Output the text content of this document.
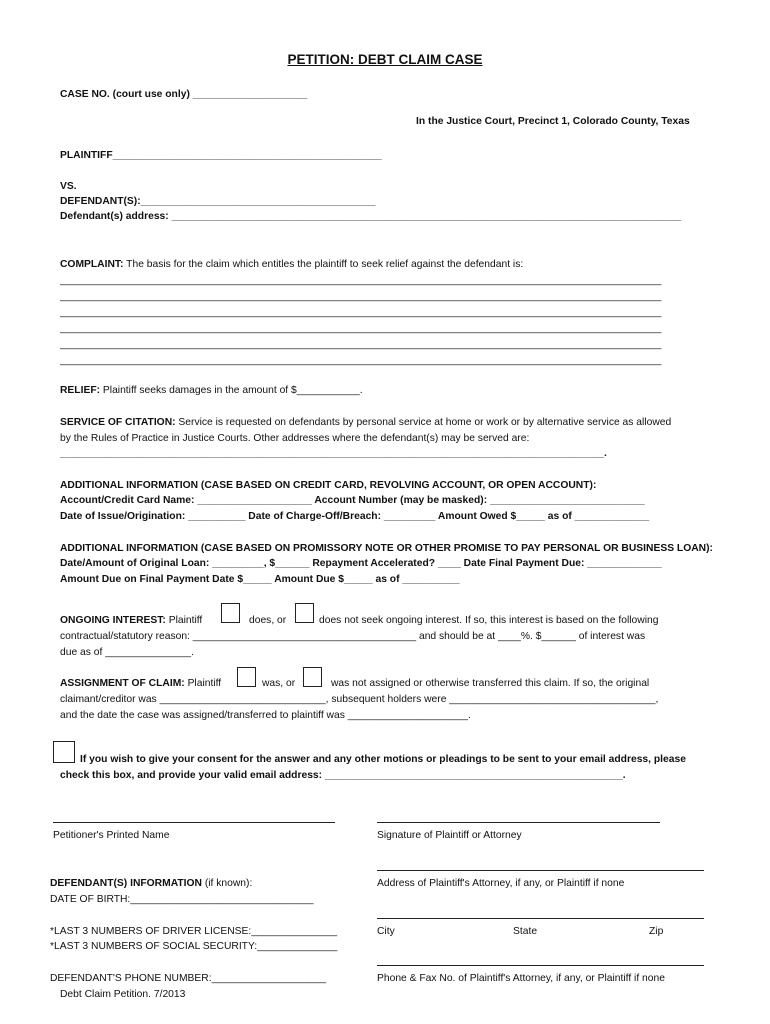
PETITION: DEBT CLAIM CASE
CASE NO. (court use only) ____________________
In the Justice Court, Precinct 1, Colorado County, Texas
PLAINTIFF_______________________________________________
VS.
DEFENDANT(S):_________________________________________
Defendant(s) address: _________________________________________________________________________________________
COMPLAINT: The basis for the claim which entitles the plaintiff to seek relief against the defendant is:
_________________________________________________________________________________________________________
_________________________________________________________________________________________________________
_________________________________________________________________________________________________________
_________________________________________________________________________________________________________
_________________________________________________________________________________________________________
_________________________________________________________________________________________________________
RELIEF: Plaintiff seeks damages in the amount of $___________.
SERVICE OF CITATION: Service is requested on defendants by personal service at home or work or by alternative service as allowed
by the Rules of Practice in Justice Courts. Other addresses where the defendant(s) may be served are:
_______________________________________________________________________________________________.
ADDITIONAL INFORMATION (CASE BASED ON CREDIT CARD, REVOLVING ACCOUNT, OR OPEN ACCOUNT):
Account/Credit Card Name: ____________________ Account Number (may be masked): ___________________________
Date of Issue/Origination: __________ Date of Charge-Off/Breach: _________ Amount Owed $_____ as of _____________
ADDITIONAL INFORMATION (CASE BASED ON PROMISSORY NOTE OR OTHER PROMISE TO PAY PERSONAL OR BUSINESS LOAN):
Date/Amount of Original Loan: _________, $______ Repayment Accelerated? ____ Date Final Payment Due: _____________
Amount Due on Final Payment Date $_____ Amount Due $_____ as of __________
ONGOING INTEREST: Plaintiff	does, or	does not seek ongoing interest. If so, this interest is based on the following
contractual/statutory reason: _______________________________________ and should be at ____%. $______ of interest was
due as of _______________.
ASSIGNMENT OF CLAIM: Plaintiff	was, or	was not assigned or otherwise transferred this claim. If so, the original
claimant/creditor was _____________________________, subsequent holders were ____________________________________,
and the date the case was assigned/transferred to plaintiff was _____________________.
If you wish to give your consent for the answer and any other motions or pleadings to be sent to your email address, please
check this box, and provide your valid email address: ____________________________________________________.
Petitioner's Printed Name	Signature of Plaintiff or Attorney
Address of Plaintiff's Attorney, if any, or Plaintiff if none
DEFENDANT(S) INFORMATION (if known):
DATE OF BIRTH:________________________________
City	State	Zip
*LAST 3 NUMBERS OF DRIVER LICENSE:_______________
*LAST 3 NUMBERS OF SOCIAL SECURITY:______________
Phone & Fax No. of Plaintiff's Attorney, if any, or Plaintiff if none
DEFENDANT'S PHONE NUMBER:____________________
Debt Claim Petition. 7/2013
